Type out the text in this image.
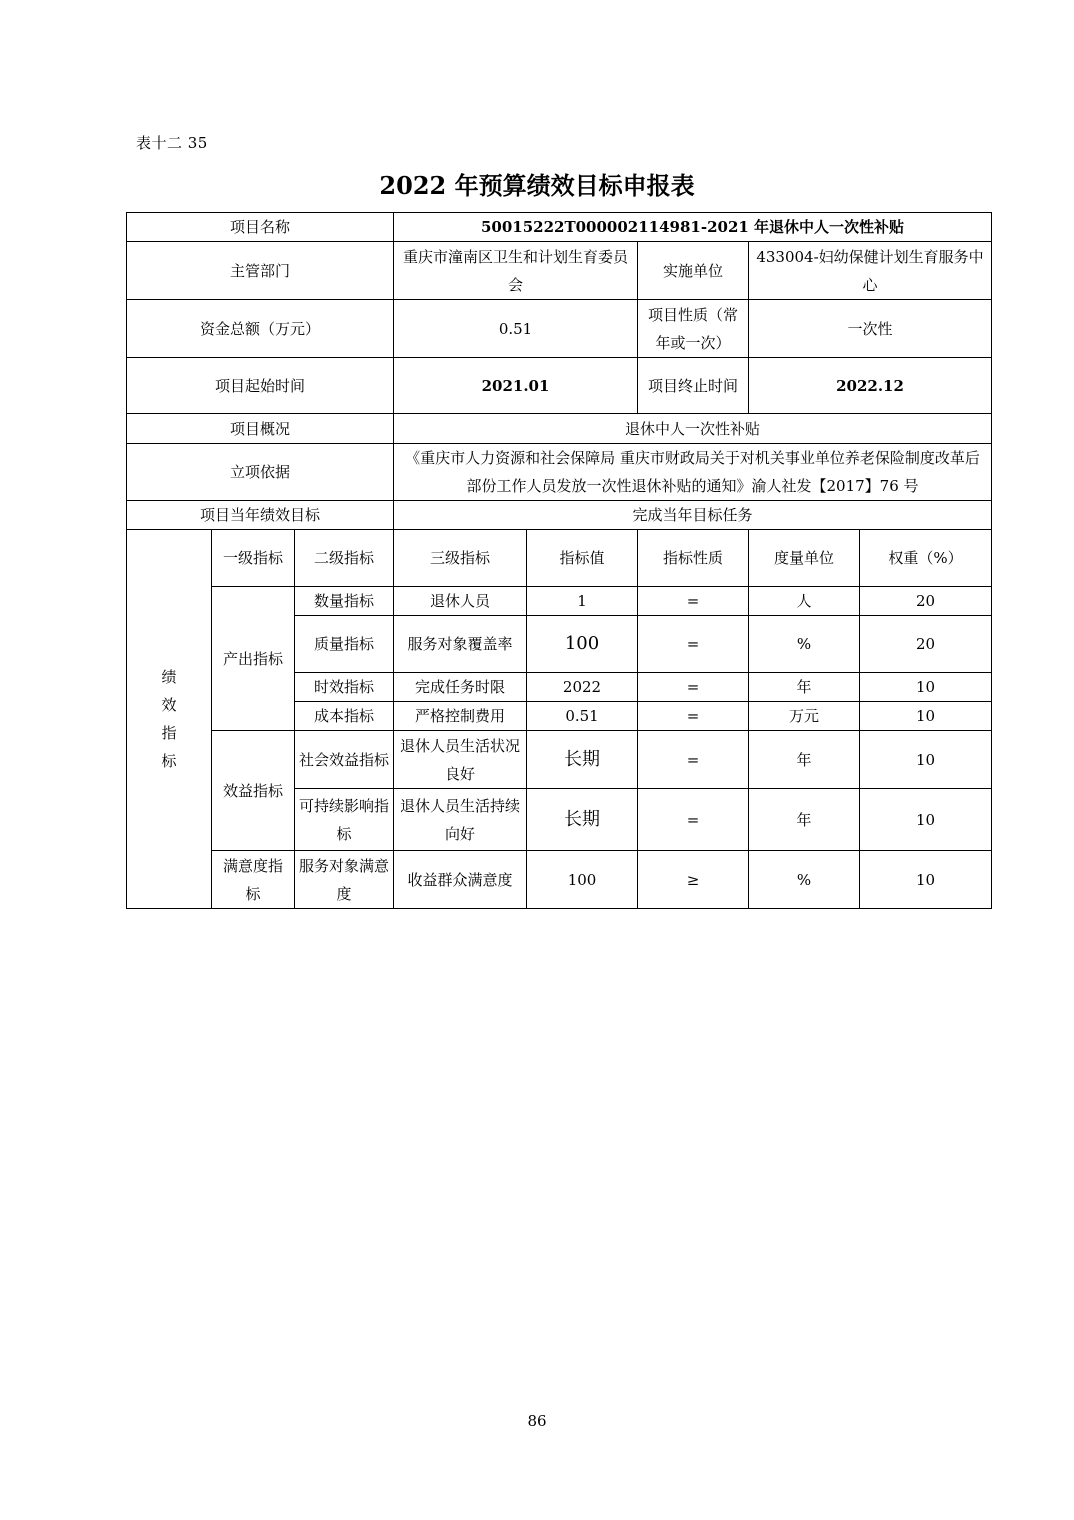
表十二 35
2022 年预算绩效目标申报表
项目名称			50015222T000002114981-2021 年退休中人一次性补贴				
主管部门			重庆市潼南区卫生和计划生育委员会		实施单位	433004-妇幼保健计划生育服务中心	
资金总额（万元）			0.51		项目性质（常年或一次）	一次性	
项目起始时间			2021.01		项目终止时间	2022.12	
项目概况			退休中人一次性补贴				
立项依据			《重庆市人力资源和社会保障局 重庆市财政局关于对机关事业单位养老保险制度改革后部份工作人员发放一次性退休补贴的通知》渝人社发【2017】76 号				
项目当年绩效目标			完成当年目标任务				
绩
效
指
标	一级指标	二级指标	三级指标	指标值	指标性质	度量单位	权重（%）
	产出指标	数量指标	退休人员	1	=	人	20
		质量指标	服务对象覆盖率	100	=	%	20
		时效指标	完成任务时限	2022	=	年	10
		成本指标	严格控制费用	0.51	=	万元	10
	效益指标	社会效益指标	退休人员生活状况良好	长期	=	年	10
		可持续影响指标	退休人员生活持续向好	长期	=	年	10
	满意度指标	服务对象满意度	收益群众满意度	100	≥	%	10
86
